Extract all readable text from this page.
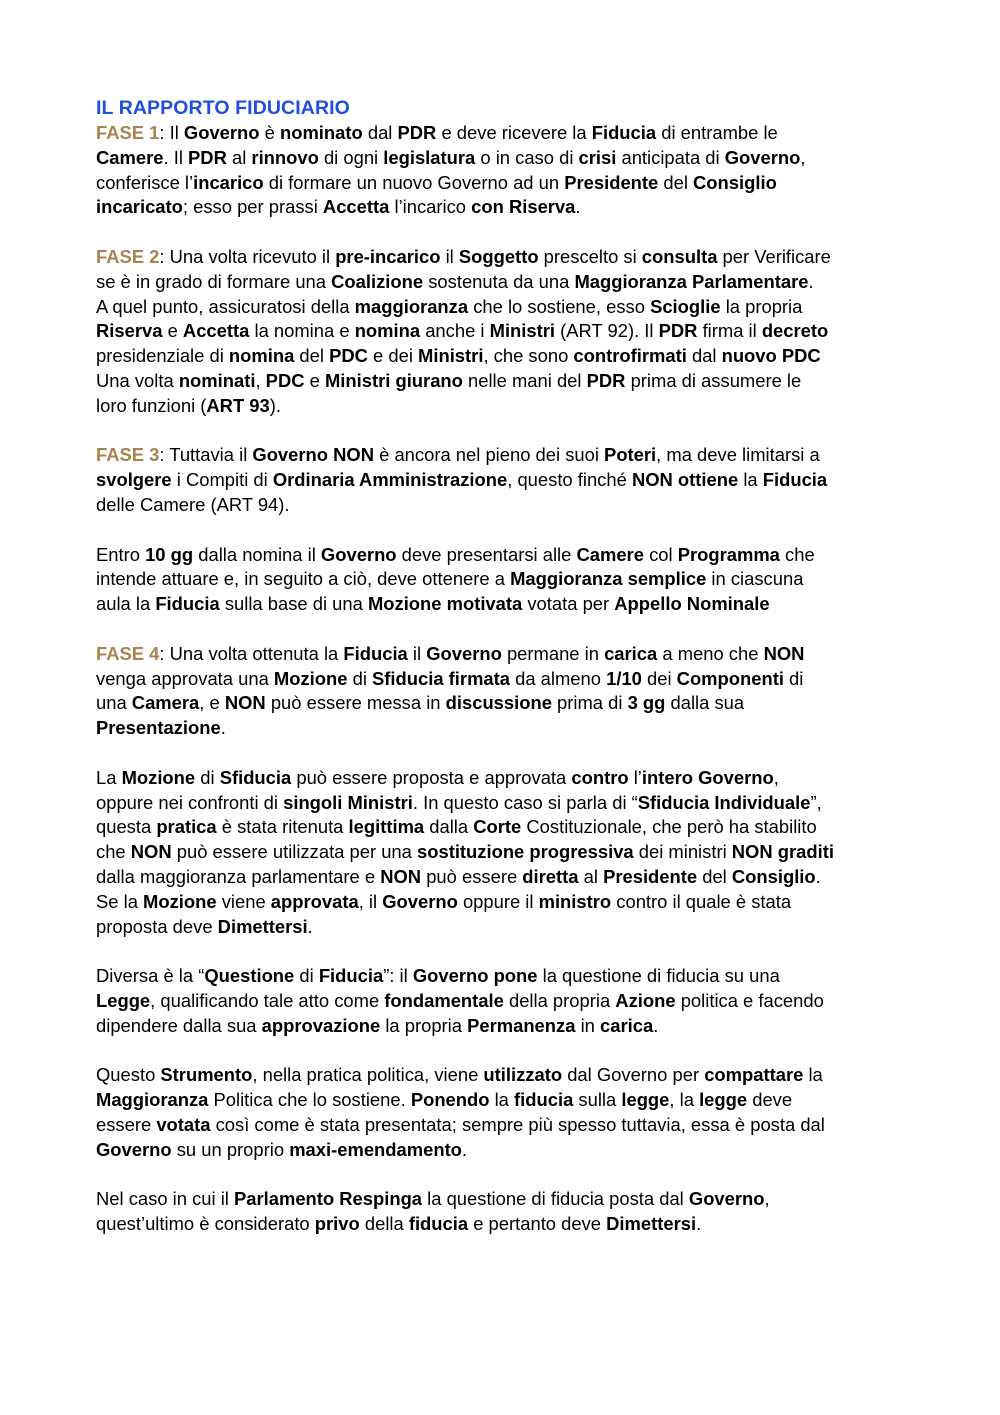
IL RAPPORTO FIDUCIARIO

FASE 1: Il Governo è nominato dal PDR e deve ricevere la Fiducia di entrambe le
Camere. Il PDR al rinnovo di ogni legislatura o in caso di crisi anticipata di Governo,
conferisce l’incarico di formare un nuovo Governo ad un Presidente del Consiglio
incaricato; esso per prassi Accetta l’incarico con Riserva.

FASE 2: Una volta ricevuto il pre-incarico il Soggetto prescelto si consulta per Verificare
se è in grado di formare una Coalizione sostenuta da una Maggioranza Parlamentare.
A quel punto, assicuratosi della maggioranza che lo sostiene, esso Scioglie la propria
Riserva e Accetta la nomina e nomina anche i Ministri (ART 92). Il PDR firma il decreto
presidenziale di nomina del PDC e dei Ministri, che sono controfirmati dal nuovo PDC
Una volta nominati, PDC e Ministri giurano nelle mani del PDR prima di assumere le
loro funzioni (ART 93).

FASE 3: Tuttavia il Governo NON è ancora nel pieno dei suoi Poteri, ma deve limitarsi a
svolgere i Compiti di Ordinaria Amministrazione, questo finché NON ottiene la Fiducia
delle Camere (ART 94).

Entro 10 gg dalla nomina il Governo deve presentarsi alle Camere col Programma che
intende attuare e, in seguito a ciò, deve ottenere a Maggioranza semplice in ciascuna
aula la Fiducia sulla base di una Mozione motivata votata per Appello Nominale

FASE 4: Una volta ottenuta la Fiducia il Governo permane in carica a meno che NON
venga approvata una Mozione di Sfiducia firmata da almeno 1/10 dei Componenti di
una Camera, e NON può essere messa in discussione prima di 3 gg dalla sua
Presentazione.

La Mozione di Sfiducia può essere proposta e approvata contro l’intero Governo,
oppure nei confronti di singoli Ministri. In questo caso si parla di “Sfiducia Individuale”,
questa pratica è stata ritenuta legittima dalla Corte Costituzionale, che però ha stabilito
che NON può essere utilizzata per una sostituzione progressiva dei ministri NON graditi
dalla maggioranza parlamentare e NON può essere diretta al Presidente del Consiglio.
Se la Mozione viene approvata, il Governo oppure il ministro contro il quale è stata
proposta deve Dimettersi.

Diversa è la “Questione di Fiducia”: il Governo pone la questione di fiducia su una
Legge, qualificando tale atto come fondamentale della propria Azione politica e facendo
dipendere dalla sua approvazione la propria Permanenza in carica.

Questo Strumento, nella pratica politica, viene utilizzato dal Governo per compattare la
Maggioranza Politica che lo sostiene. Ponendo la fiducia sulla legge, la legge deve
essere votata così come è stata presentata; sempre più spesso tuttavia, essa è posta dal
Governo su un proprio maxi-emendamento.

Nel caso in cui il Parlamento Respinga la questione di fiducia posta dal Governo,
quest’ultimo è considerato privo della fiducia e pertanto deve Dimettersi.
